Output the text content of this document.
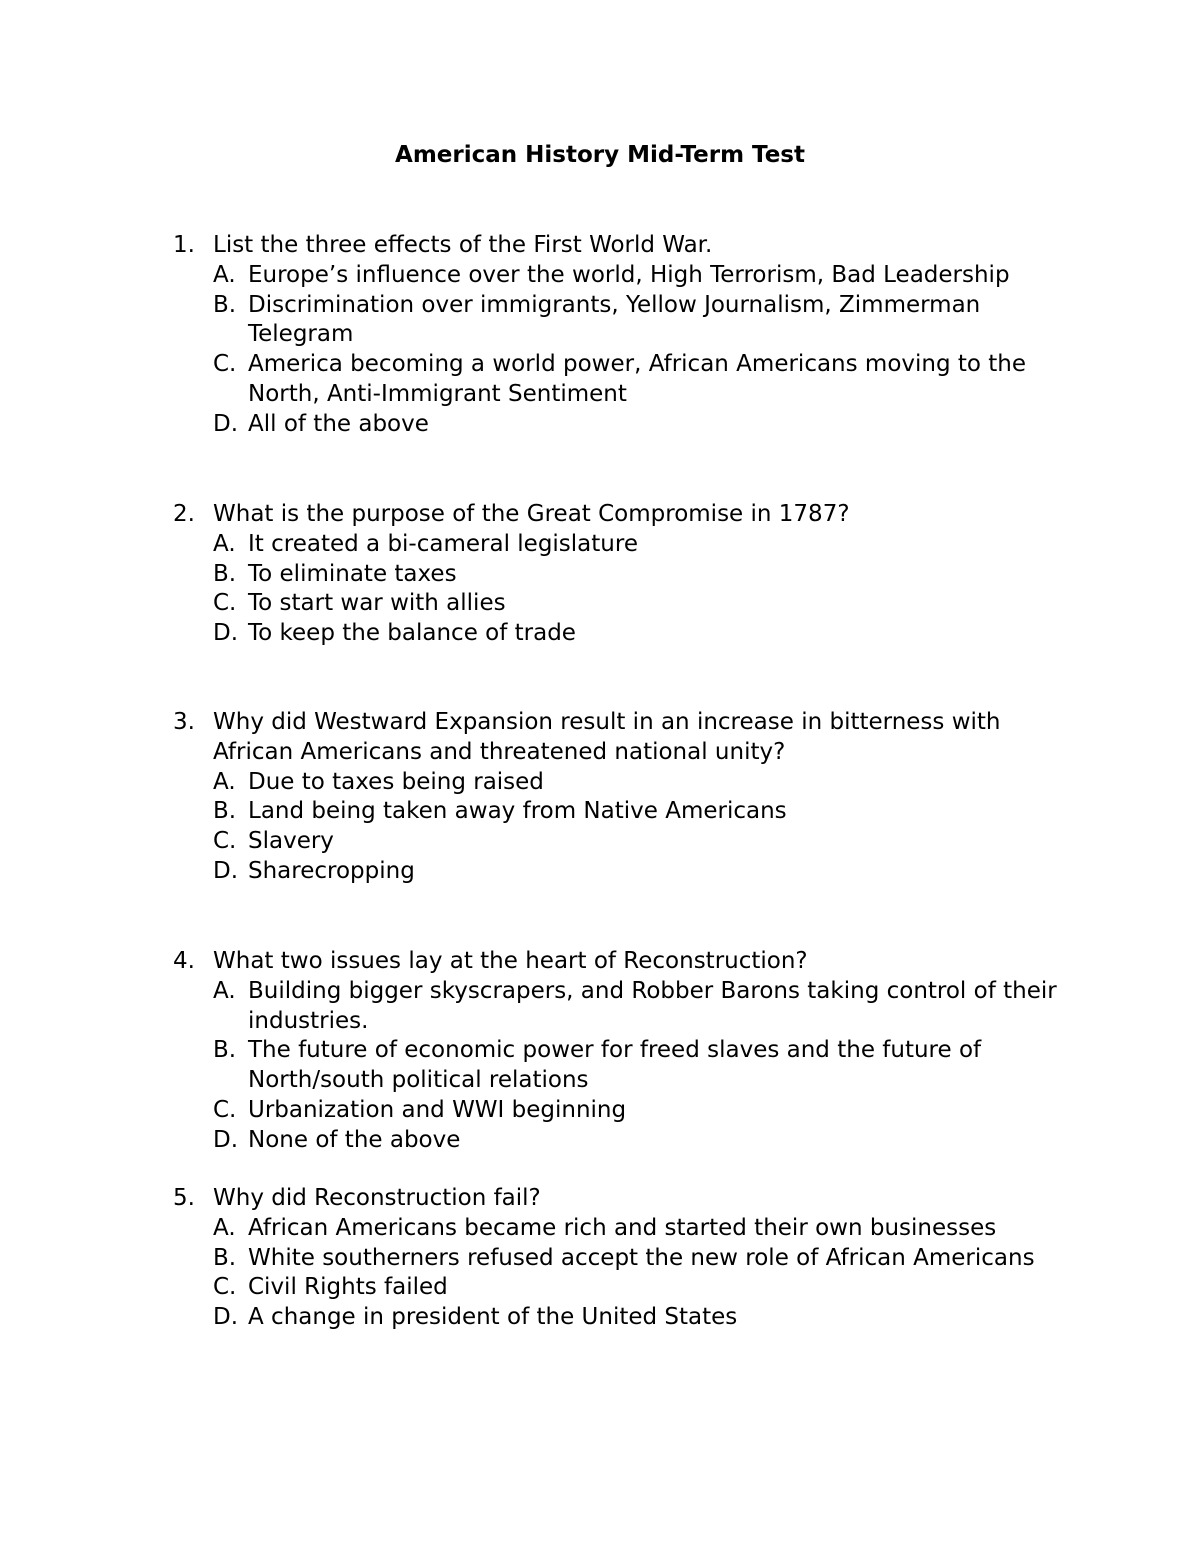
American History Mid-Term Test
1. List the three effects of the First World War.
A. Europe’s influence over the world, High Terrorism, Bad Leadership
B. Discrimination over immigrants, Yellow Journalism, Zimmerman Telegram
C. America becoming a world power, African Americans moving to the North, Anti-Immigrant Sentiment
D. All of the above
2. What is the purpose of the Great Compromise in 1787?
A. It created a bi-cameral legislature
B. To eliminate taxes
C. To start war with allies
D. To keep the balance of trade
3. Why did Westward Expansion result in an increase in bitterness with African Americans and threatened national unity?
A. Due to taxes being raised
B. Land being taken away from Native Americans
C. Slavery
D. Sharecropping
4. What two issues lay at the heart of Reconstruction?
A. Building bigger skyscrapers, and Robber Barons taking control of their industries.
B. The future of economic power for freed slaves and the future of North/south political relations
C. Urbanization and WWI beginning
D. None of the above
5. Why did Reconstruction fail?
A. African Americans became rich and started their own businesses
B. White southerners refused accept the new role of African Americans
C. Civil Rights failed
D. A change in president of the United States
